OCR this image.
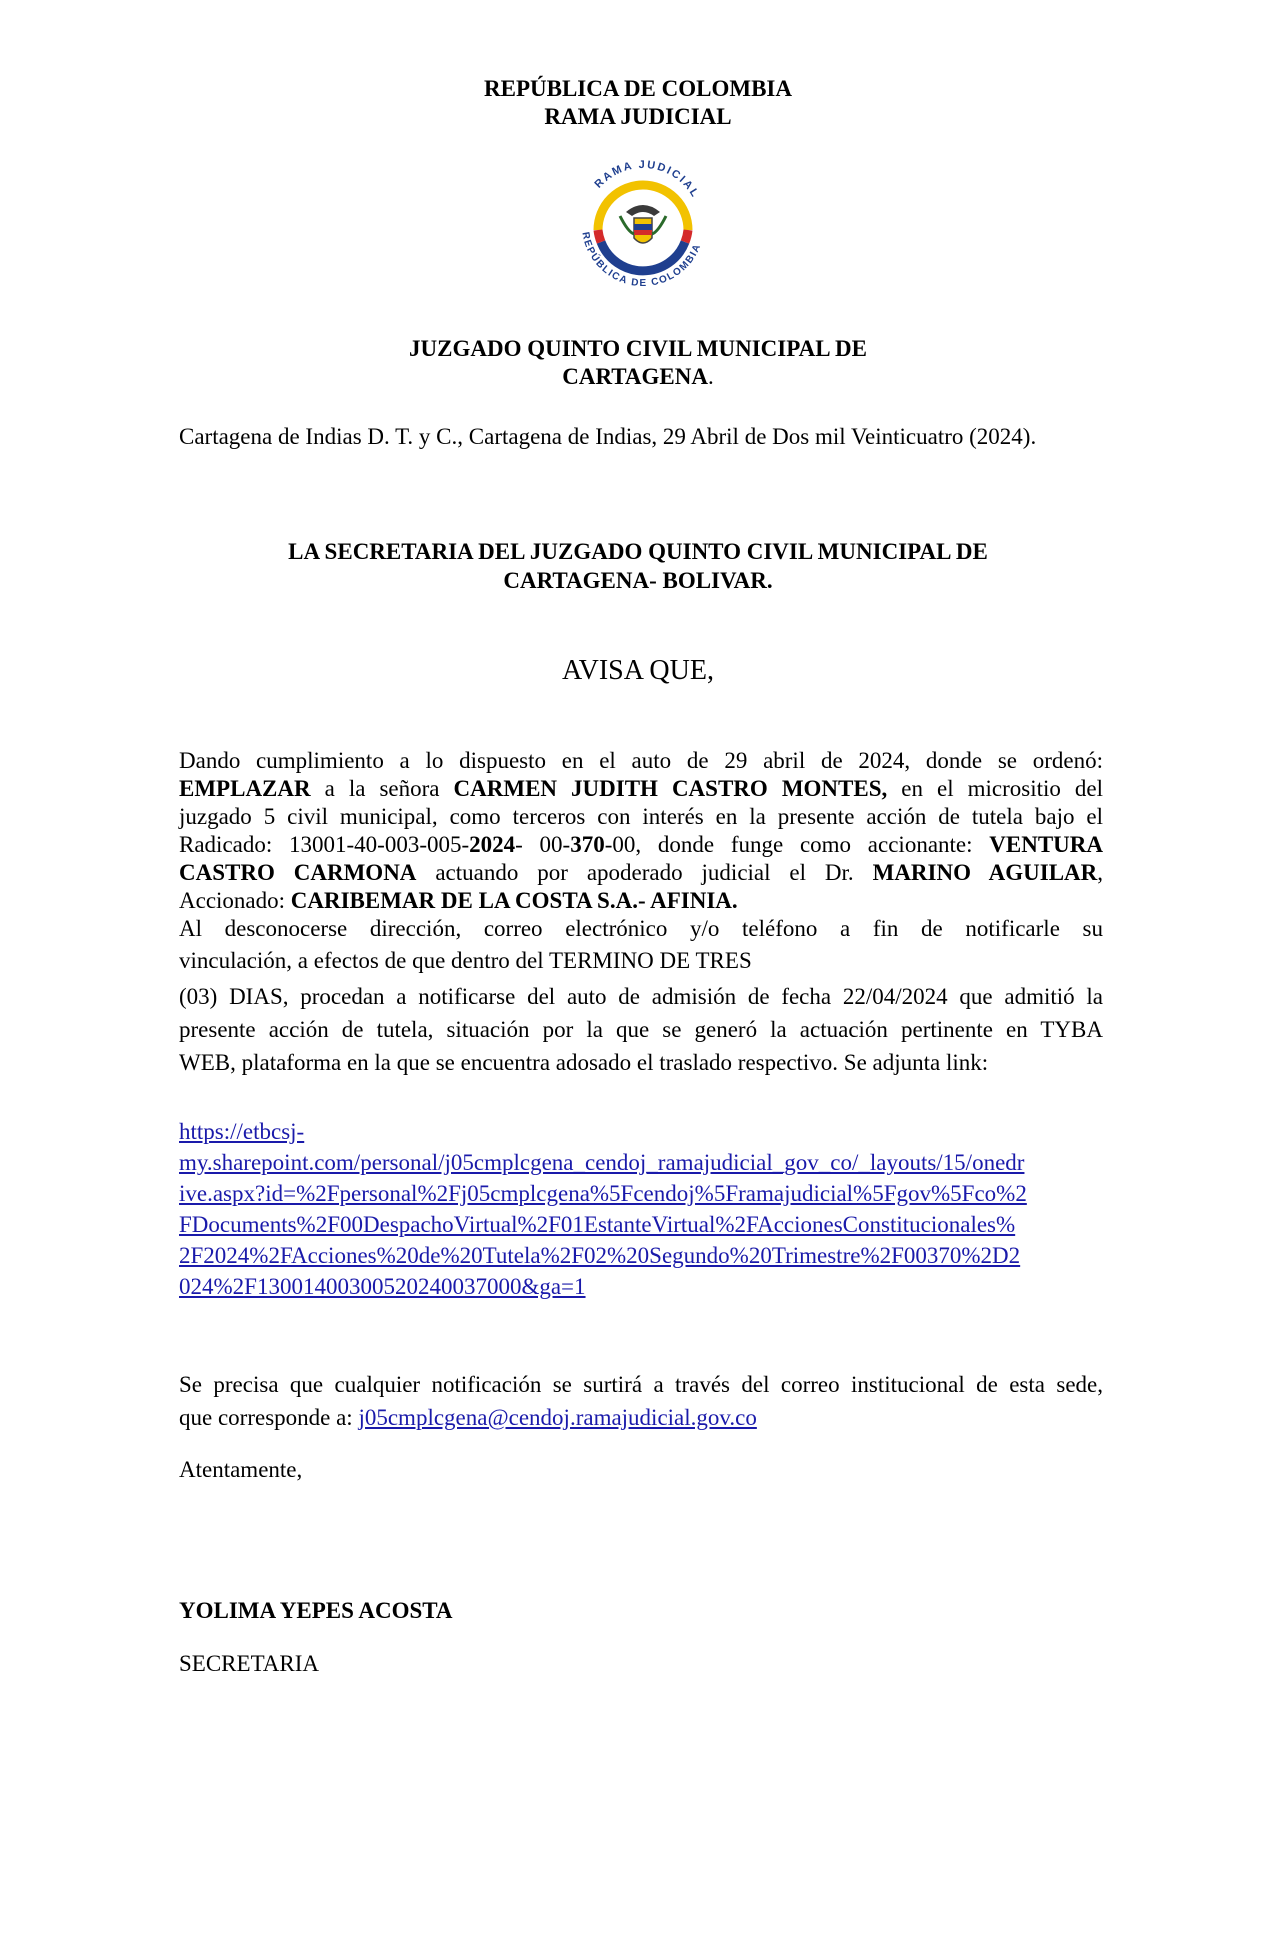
REPÚBLICA DE COLOMBIA
RAMA JUDICIAL
RAMA JUDICIAL
REPÚBLICA DE COLOMBIA
JUZGADO QUINTO CIVIL MUNICIPAL DE
CARTAGENA.
Cartagena de Indias D. T. y C., Cartagena de Indias, 29 Abril de Dos mil Veinticuatro (2024).
LA SECRETARIA DEL JUZGADO QUINTO CIVIL MUNICIPAL DE
CARTAGENA- BOLIVAR.
AVISA QUE,
Dando cumplimiento a lo dispuesto en el auto de 29 abril de 2024, donde se ordenó:
EMPLAZAR a la señora CARMEN JUDITH CASTRO MONTES, en el micrositio del
juzgado 5 civil municipal, como terceros con interés en la presente acción de tutela bajo el
Radicado: 13001-40-003-005-2024- 00-370-00, donde funge como accionante: VENTURA
CASTRO CARMONA actuando por apoderado judicial el Dr. MARINO AGUILAR,
Accionado: CARIBEMAR DE LA COSTA S.A.- AFINIA.
Al desconocerse dirección, correo electrónico y/o teléfono a fin de notificarle su
vinculación, a efectos de que dentro del TERMINO DE TRES
(03) DIAS, procedan a notificarse del auto de admisión de fecha 22/04/2024 que admitió la
presente acción de tutela, situación por la que se generó la actuación pertinente en TYBA
WEB, plataforma en la que se encuentra adosado el traslado respectivo. Se adjunta link:
https://etbcsj-
my.sharepoint.com/personal/j05cmplcgena_cendoj_ramajudicial_gov_co/_layouts/15/onedr
ive.aspx?id=%2Fpersonal%2Fj05cmplcgena%5Fcendoj%5Framajudicial%5Fgov%5Fco%2
FDocuments%2F00DespachoVirtual%2F01EstanteVirtual%2FAccionesConstitucionales%
2F2024%2FAcciones%20de%20Tutela%2F02%20Segundo%20Trimestre%2F00370%2D2
024%2F13001400300520240037000&ga=1
Se precisa que cualquier notificación se surtirá a través del correo institucional de esta sede,
que corresponde a: j05cmplcgena@cendoj.ramajudicial.gov.co
Atentamente,
YOLIMA YEPES ACOSTA
SECRETARIA
